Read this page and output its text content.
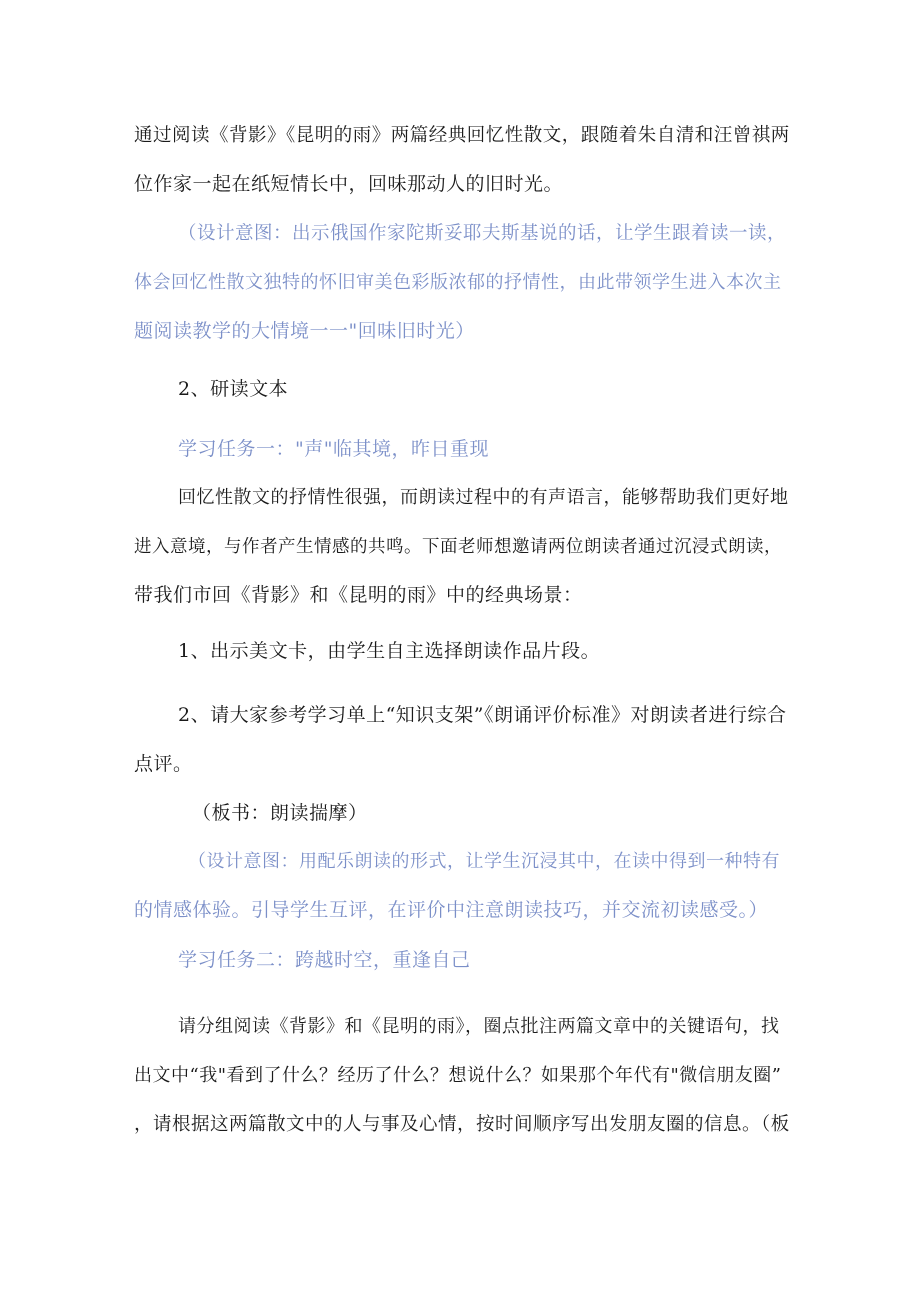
通过阅读《背影》《昆明的雨》两篇经典回忆性散文，跟随着朱自清和汪曾祺两
位作家一起在纸短情长中，回味那动人的旧时光。
（设计意图：出示俄国作家陀斯妥耶夫斯基说的话，让学生跟着读一读，
体会回忆性散文独特的怀旧审美色彩版浓郁的抒情性，由此带领学生进入本次主
题阅读教学的大情境一一"回味旧时光）
2、研读文本
学习任务一："声"临其境，昨日重现
回忆性散文的抒情性很强，而朗读过程中的有声语言，能够帮助我们更好地
进入意境，与作者产生情感的共鸣。下面老师想邀请两位朗读者通过沉浸式朗读，
带我们市回《背影》和《昆明的雨》中的经典场景：
1、出示美文卡，由学生自主选择朗读作品片段。
2、请大家参考学习单上“知识支架”《朗诵评价标准》对朗读者进行综合
点评。
（板书：朗读揣摩）
（设计意图：用配乐朗读的形式，让学生沉浸其中，在读中得到一种特有
的情感体验。引导学生互评，在评价中注意朗读技巧，并交流初读感受。）
学习任务二：跨越时空，重逢自己
请分组阅读《背影》和《昆明的雨》，圈点批注两篇文章中的关键语句，找
出文中“我"看到了什么？经历了什么？想说什么？如果那个年代有"微信朋友圈”
，请根据这两篇散文中的人与事及心情，按时间顺序写出发朋友圈的信息。（板
